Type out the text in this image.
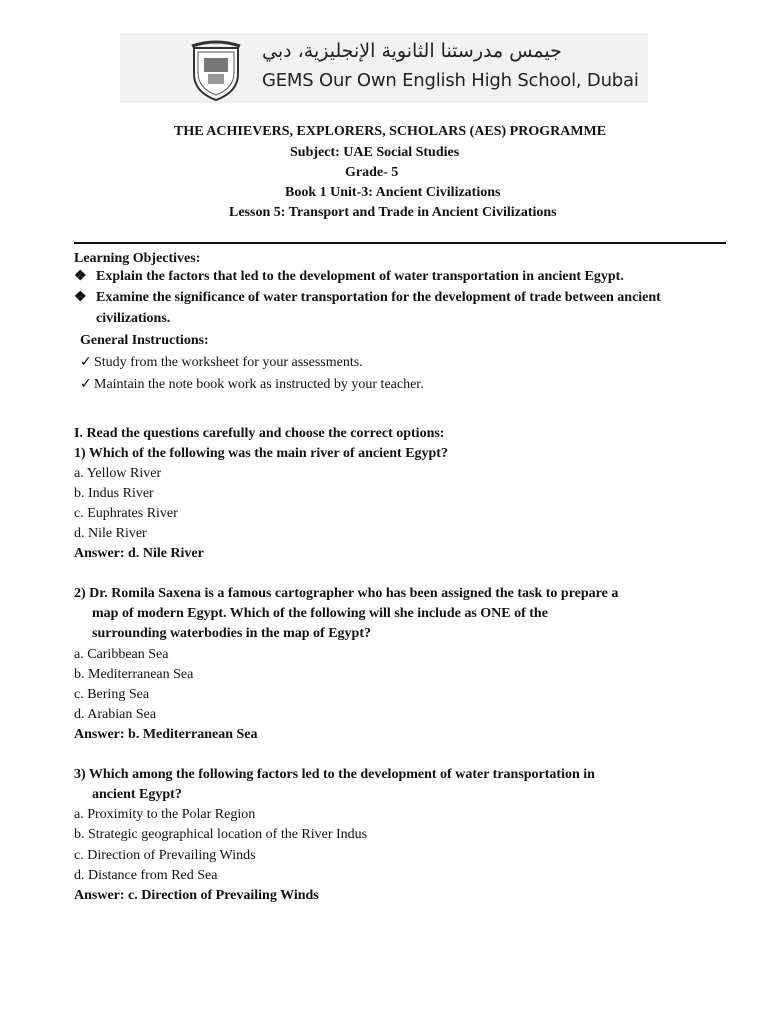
جيمس مدرستنا الثانوية الإنجليزية، دبي
GEMS Our Own English High School, Dubai
THE ACHIEVERS, EXPLORERS, SCHOLARS (AES) PROGRAMME
Subject: UAE Social Studies
Grade- 5
Book 1 Unit-3: Ancient Civilizations
Lesson 5: Transport and Trade in Ancient Civilizations
Learning Objectives:
❖ Explain the factors that led to the development of water transportation in ancient Egypt.
❖ Examine the significance of water transportation for the development of trade between ancient
civilizations.
General Instructions:
✓ Study from the worksheet for your assessments.
✓ Maintain the note book work as instructed by your teacher.
I. Read the questions carefully and choose the correct options:
1) Which of the following was the main river of ancient Egypt?
a. Yellow River
b. Indus River
c. Euphrates River
d. Nile River
Answer: d. Nile River
2) Dr. Romila Saxena is a famous cartographer who has been assigned the task to prepare a
map of modern Egypt. Which of the following will she include as ONE of the
surrounding waterbodies in the map of Egypt?
a. Caribbean Sea
b. Mediterranean Sea
c. Bering Sea
d. Arabian Sea
Answer: b. Mediterranean Sea
3) Which among the following factors led to the development of water transportation in
ancient Egypt?
a. Proximity to the Polar Region
b. Strategic geographical location of the River Indus
c. Direction of Prevailing Winds
d. Distance from Red Sea
Answer: c. Direction of Prevailing Winds
